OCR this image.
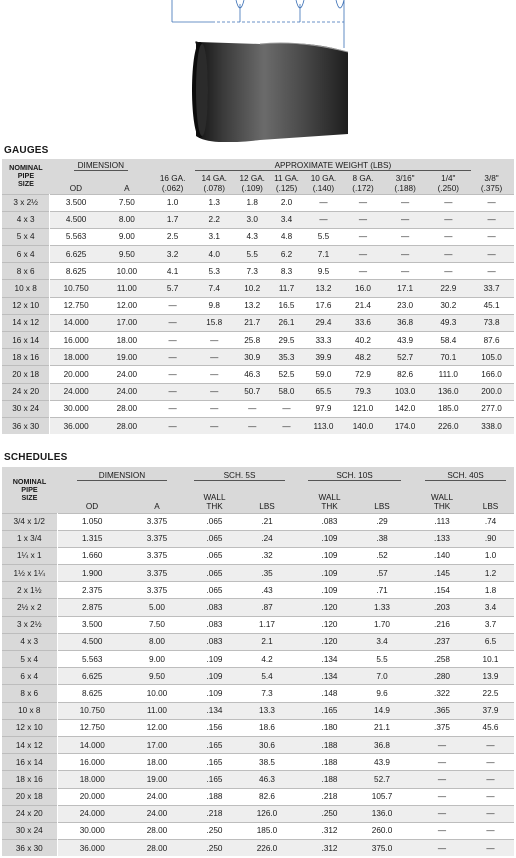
GAUGES
NOMINAL
PIPE
SIZE	DIMENSION		APPROXIMATE WEIGHT (LBS)								
			16 GA.	14 GA.	12 GA.	11 GA.	10 GA.	8 GA.	3/16"	1/4"	3/8"
	OD	A	(.062)	(.078)	(.109)	(.125)	(.140)	(.172)	(.188)	(.250)	(.375)
3 x 2½	3.500	7.50	1.0	1.3	1.8	2.0	—	—	—	—	—
4 x 3	4.500	8.00	1.7	2.2	3.0	3.4	—	—	—	—	—
5 x 4	5.563	9.00	2.5	3.1	4.3	4.8	5.5	—	—	—	—
6 x 4	6.625	9.50	3.2	4.0	5.5	6.2	7.1	—	—	—	—
8 x 6	8.625	10.00	4.1	5.3	7.3	8.3	9.5	—	—	—	—
10 x 8	10.750	11.00	5.7	7.4	10.2	11.7	13.2	16.0	17.1	22.9	33.7
12 x 10	12.750	12.00	—	9.8	13.2	16.5	17.6	21.4	23.0	30.2	45.1
14 x 12	14.000	17.00	—	15.8	21.7	26.1	29.4	33.6	36.8	49.3	73.8
16 x 14	16.000	18.00	—	—	25.8	29.5	33.3	40.2	43.9	58.4	87.6
18 x 16	18.000	19.00	—	—	30.9	35.3	39.9	48.2	52.7	70.1	105.0
20 x 18	20.000	24.00	—	—	46.3	52.5	59.0	72.9	82.6	111.0	166.0
24 x 20	24.000	24.00	—	—	50.7	58.0	65.5	79.3	103.0	136.0	200.0
30 x 24	30.000	28.00	—	—	—	—	97.9	121.0	142.0	185.0	277.0
36 x 30	36.000	28.00	—	—	—	—	113.0	140.0	174.0	226.0	338.0
SCHEDULES
NOMINAL
PIPE
SIZE	DIMENSION		SCH. 5S			SCH. 10S			SCH. 40S	
	OD	A	WALL
THK	LBS		WALL
THK	LBS		WALL
THK	LBS
3/4 x 1/2	1.050	3.375	.065	.21		.083	.29		.113	.74
1 x 3/4	1.315	3.375	.065	.24		.109	.38		.133	.90
1¼ x 1	1.660	3.375	.065	.32		.109	.52		.140	1.0
1½ x 1¼	1.900	3.375	.065	.35		.109	.57		.145	1.2
2 x 1½	2.375	3.375	.065	.43		.109	.71		.154	1.8
2½ x 2	2.875	5.00	.083	.87		.120	1.33		.203	3.4
3 x 2½	3.500	7.50	.083	1.17		.120	1.70		.216	3.7
4 x 3	4.500	8.00	.083	2.1		.120	3.4		.237	6.5
5 x 4	5.563	9.00	.109	4.2		.134	5.5		.258	10.1
6 x 4	6.625	9.50	.109	5.4		.134	7.0		.280	13.9
8 x 6	8.625	10.00	.109	7.3		.148	9.6		.322	22.5
10 x 8	10.750	11.00	.134	13.3		.165	14.9		.365	37.9
12 x 10	12.750	12.00	.156	18.6		.180	21.1		.375	45.6
14 x 12	14.000	17.00	.165	30.6		.188	36.8		—	—
16 x 14	16.000	18.00	.165	38.5		.188	43.9		—	—
18 x 16	18.000	19.00	.165	46.3		.188	52.7		—	—
20 x 18	20.000	24.00	.188	82.6		.218	105.7		—	—
24 x 20	24.000	24.00	.218	126.0		.250	136.0		—	—
30 x 24	30.000	28.00	.250	185.0		.312	260.0		—	—
36 x 30	36.000	28.00	.250	226.0		.312	375.0		—	—
